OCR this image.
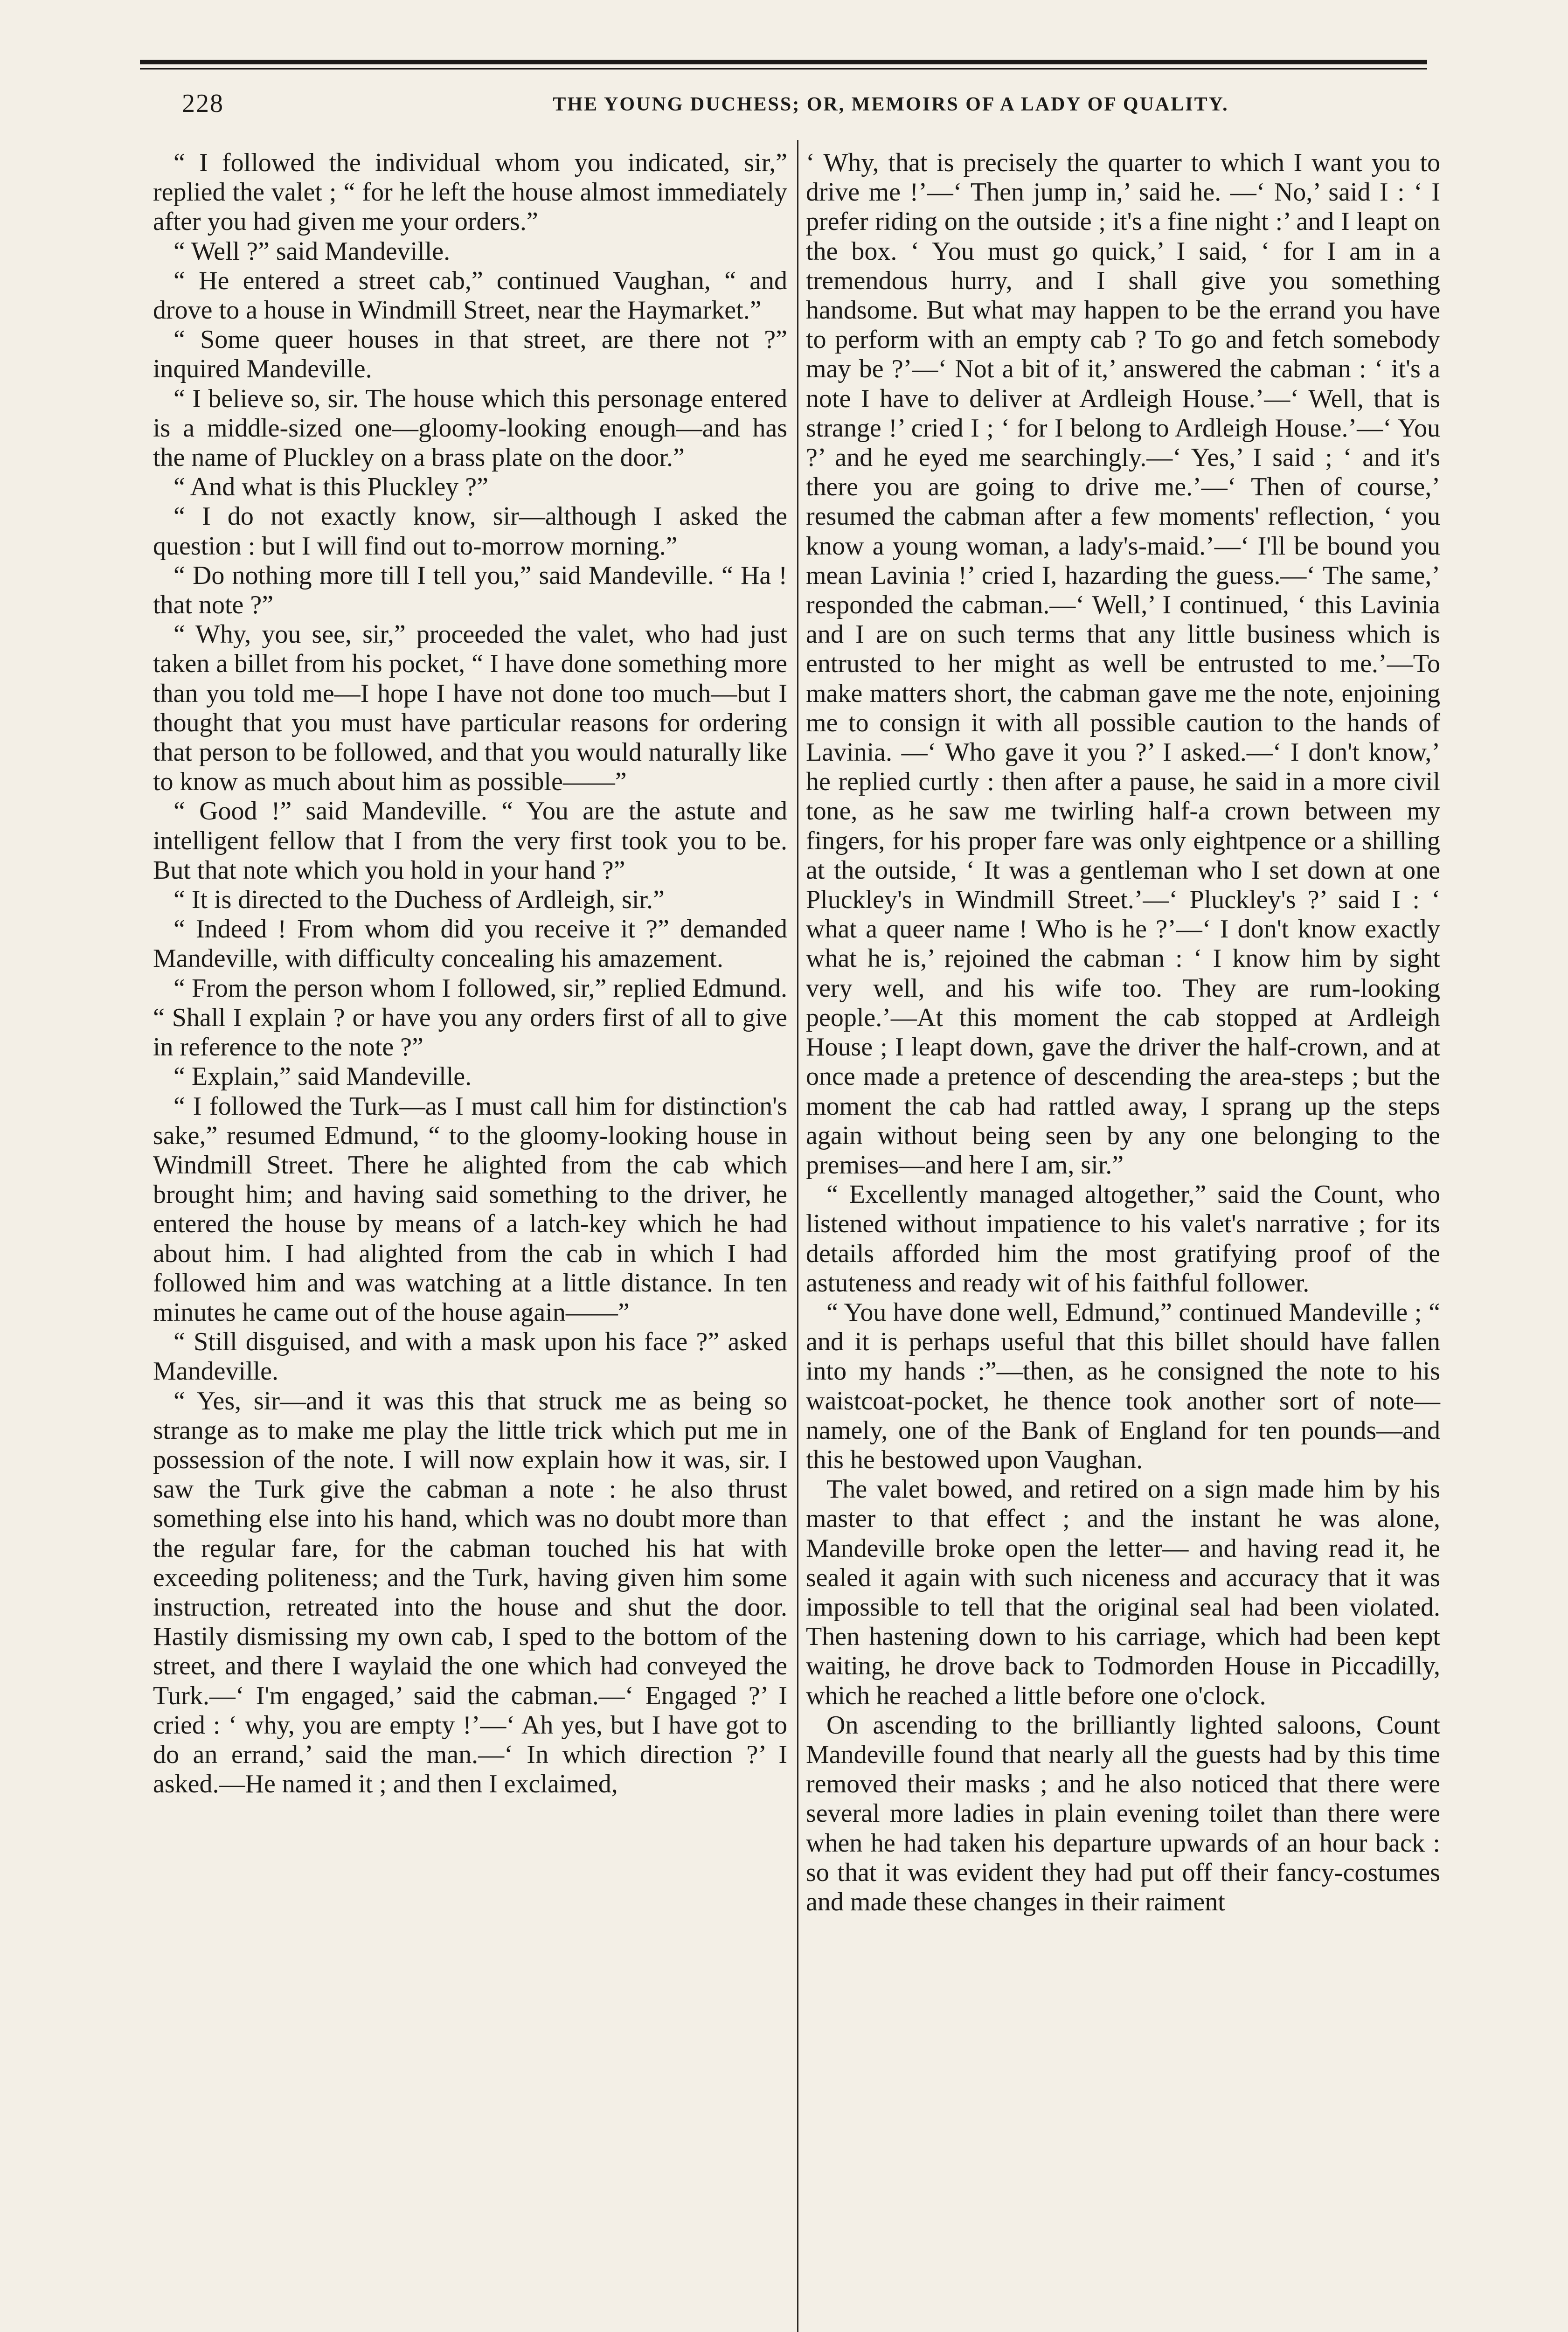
228	THE YOUNG DUCHESS; OR, MEMOIRS OF A LADY OF QUALITY.

“ I followed the individual whom you indicated, sir,” replied the valet ; “ for he left the house almost immediately after you had given me your orders.”

“ Well ?” said Mandeville.

“ He entered a street cab,” continued Vaughan, “ and drove to a house in Windmill Street, near the Haymarket.”

“ Some queer houses in that street, are there not ?” inquired Mandeville.

“ I believe so, sir. The house which this personage entered is a middle-sized one—gloomy-looking enough—and has the name of Pluckley on a brass plate on the door.”

“ And what is this Pluckley ?”

“ I do not exactly know, sir—although I asked the question : but I will find out to-morrow morning.”

“ Do nothing more till I tell you,” said Mandeville. “ Ha ! that note ?”

“ Why, you see, sir,” proceeded the valet, who had just taken a billet from his pocket, “ I have done something more than you told me—I hope I have not done too much—but I thought that you must have particular reasons for ordering that person to be followed, and that you would naturally like to know as much about him as possible——”

“ Good !” said Mandeville. “ You are the astute and intelligent fellow that I from the very first took you to be. But that note which you hold in your hand ?”

“ It is directed to the Duchess of Ardleigh, sir.”

“ Indeed ! From whom did you receive it ?” demanded Mandeville, with difficulty concealing his amazement.

“ From the person whom I followed, sir,” replied Edmund. “ Shall I explain ? or have you any orders first of all to give in reference to the note ?”

“ Explain,” said Mandeville.

“ I followed the Turk—as I must call him for distinction's sake,” resumed Edmund, “ to the gloomy-looking house in Windmill Street. There he alighted from the cab which brought him; and having said something to the driver, he entered the house by means of a latch-key which he had about him. I had alighted from the cab in which I had followed him and was watching at a little distance. In ten minutes he came out of the house again——”

“ Still disguised, and with a mask upon his face ?” asked Mandeville.

“ Yes, sir—and it was this that struck me as being so strange as to make me play the little trick which put me in possession of the note. I will now explain how it was, sir. I saw the Turk give the cabman a note : he also thrust something else into his hand, which was no doubt more than the regular fare, for the cabman touched his hat with exceeding politeness; and the Turk, having given him some instruction, retreated into the house and shut the door. Hastily dismissing my own cab, I sped to the bottom of the street, and there I waylaid the one which had conveyed the Turk.—‘ I'm engaged,’ said the cabman.—‘ Engaged ?’ I cried : ‘ why, you are empty !’—‘ Ah yes, but I have got to do an errand,’ said the man.—‘ In which direction ?’ I asked.—He named it ; and then I exclaimed,

‘ Why, that is precisely the quarter to which I want you to drive me !’—‘ Then jump in,’ said he. —‘ No,’ said I : ‘ I prefer riding on the outside ; it's a fine night :’ and I leapt on the box. ‘ You must go quick,’ I said, ‘ for I am in a tremendous hurry, and I shall give you something handsome. But what may happen to be the errand you have to perform with an empty cab ? To go and fetch somebody may be ?’—‘ Not a bit of it,’ answered the cabman : ‘ it's a note I have to deliver at Ardleigh House.’—‘ Well, that is strange !’ cried I ; ‘ for I belong to Ardleigh House.’—‘ You ?’ and he eyed me searchingly.—‘ Yes,’ I said ; ‘ and it's there you are going to drive me.’—‘ Then of course,’ resumed the cabman after a few moments' reflection, ‘ you know a young woman, a lady's-maid.’—‘ I'll be bound you mean Lavinia !’ cried I, hazarding the guess.—‘ The same,’ responded the cabman.—‘ Well,’ I continued, ‘ this Lavinia and I are on such terms that any little business which is entrusted to her might as well be entrusted to me.’—To make matters short, the cabman gave me the note, enjoining me to consign it with all possible caution to the hands of Lavinia. —‘ Who gave it you ?’ I asked.—‘ I don't know,’ he replied curtly : then after a pause, he said in a more civil tone, as he saw me twirling half-a crown between my fingers, for his proper fare was only eightpence or a shilling at the outside, ‘ It was a gentleman who I set down at one Pluckley's in Windmill Street.’—‘ Pluckley's ?’ said I : ‘ what a queer name ! Who is he ?’—‘ I don't know exactly what he is,’ rejoined the cabman : ‘ I know him by sight very well, and his wife too. They are rum-looking people.’—At this moment the cab stopped at Ardleigh House ; I leapt down, gave the driver the half-crown, and at once made a pretence of descending the area-steps ; but the moment the cab had rattled away, I sprang up the steps again without being seen by any one belonging to the premises—and here I am, sir.”

“ Excellently managed altogether,” said the Count, who listened without impatience to his valet's narrative ; for its details afforded him the most gratifying proof of the astuteness and ready wit of his faithful follower.

“ You have done well, Edmund,” continued Mandeville ; “ and it is perhaps useful that this billet should have fallen into my hands :”—then, as he consigned the note to his waistcoat-pocket, he thence took another sort of note—namely, one of the Bank of England for ten pounds—and this he bestowed upon Vaughan.

The valet bowed, and retired on a sign made him by his master to that effect ; and the instant he was alone, Mandeville broke open the letter— and having read it, he sealed it again with such niceness and accuracy that it was impossible to tell that the original seal had been violated. Then hastening down to his carriage, which had been kept waiting, he drove back to Todmorden House in Piccadilly, which he reached a little before one o'clock.

On ascending to the brilliantly lighted saloons, Count Mandeville found that nearly all the guests had by this time removed their masks ; and he also noticed that there were several more ladies in plain evening toilet than there were when he had taken his departure upwards of an hour back : so that it was evident they had put off their fancy-costumes and made these changes in their raiment
